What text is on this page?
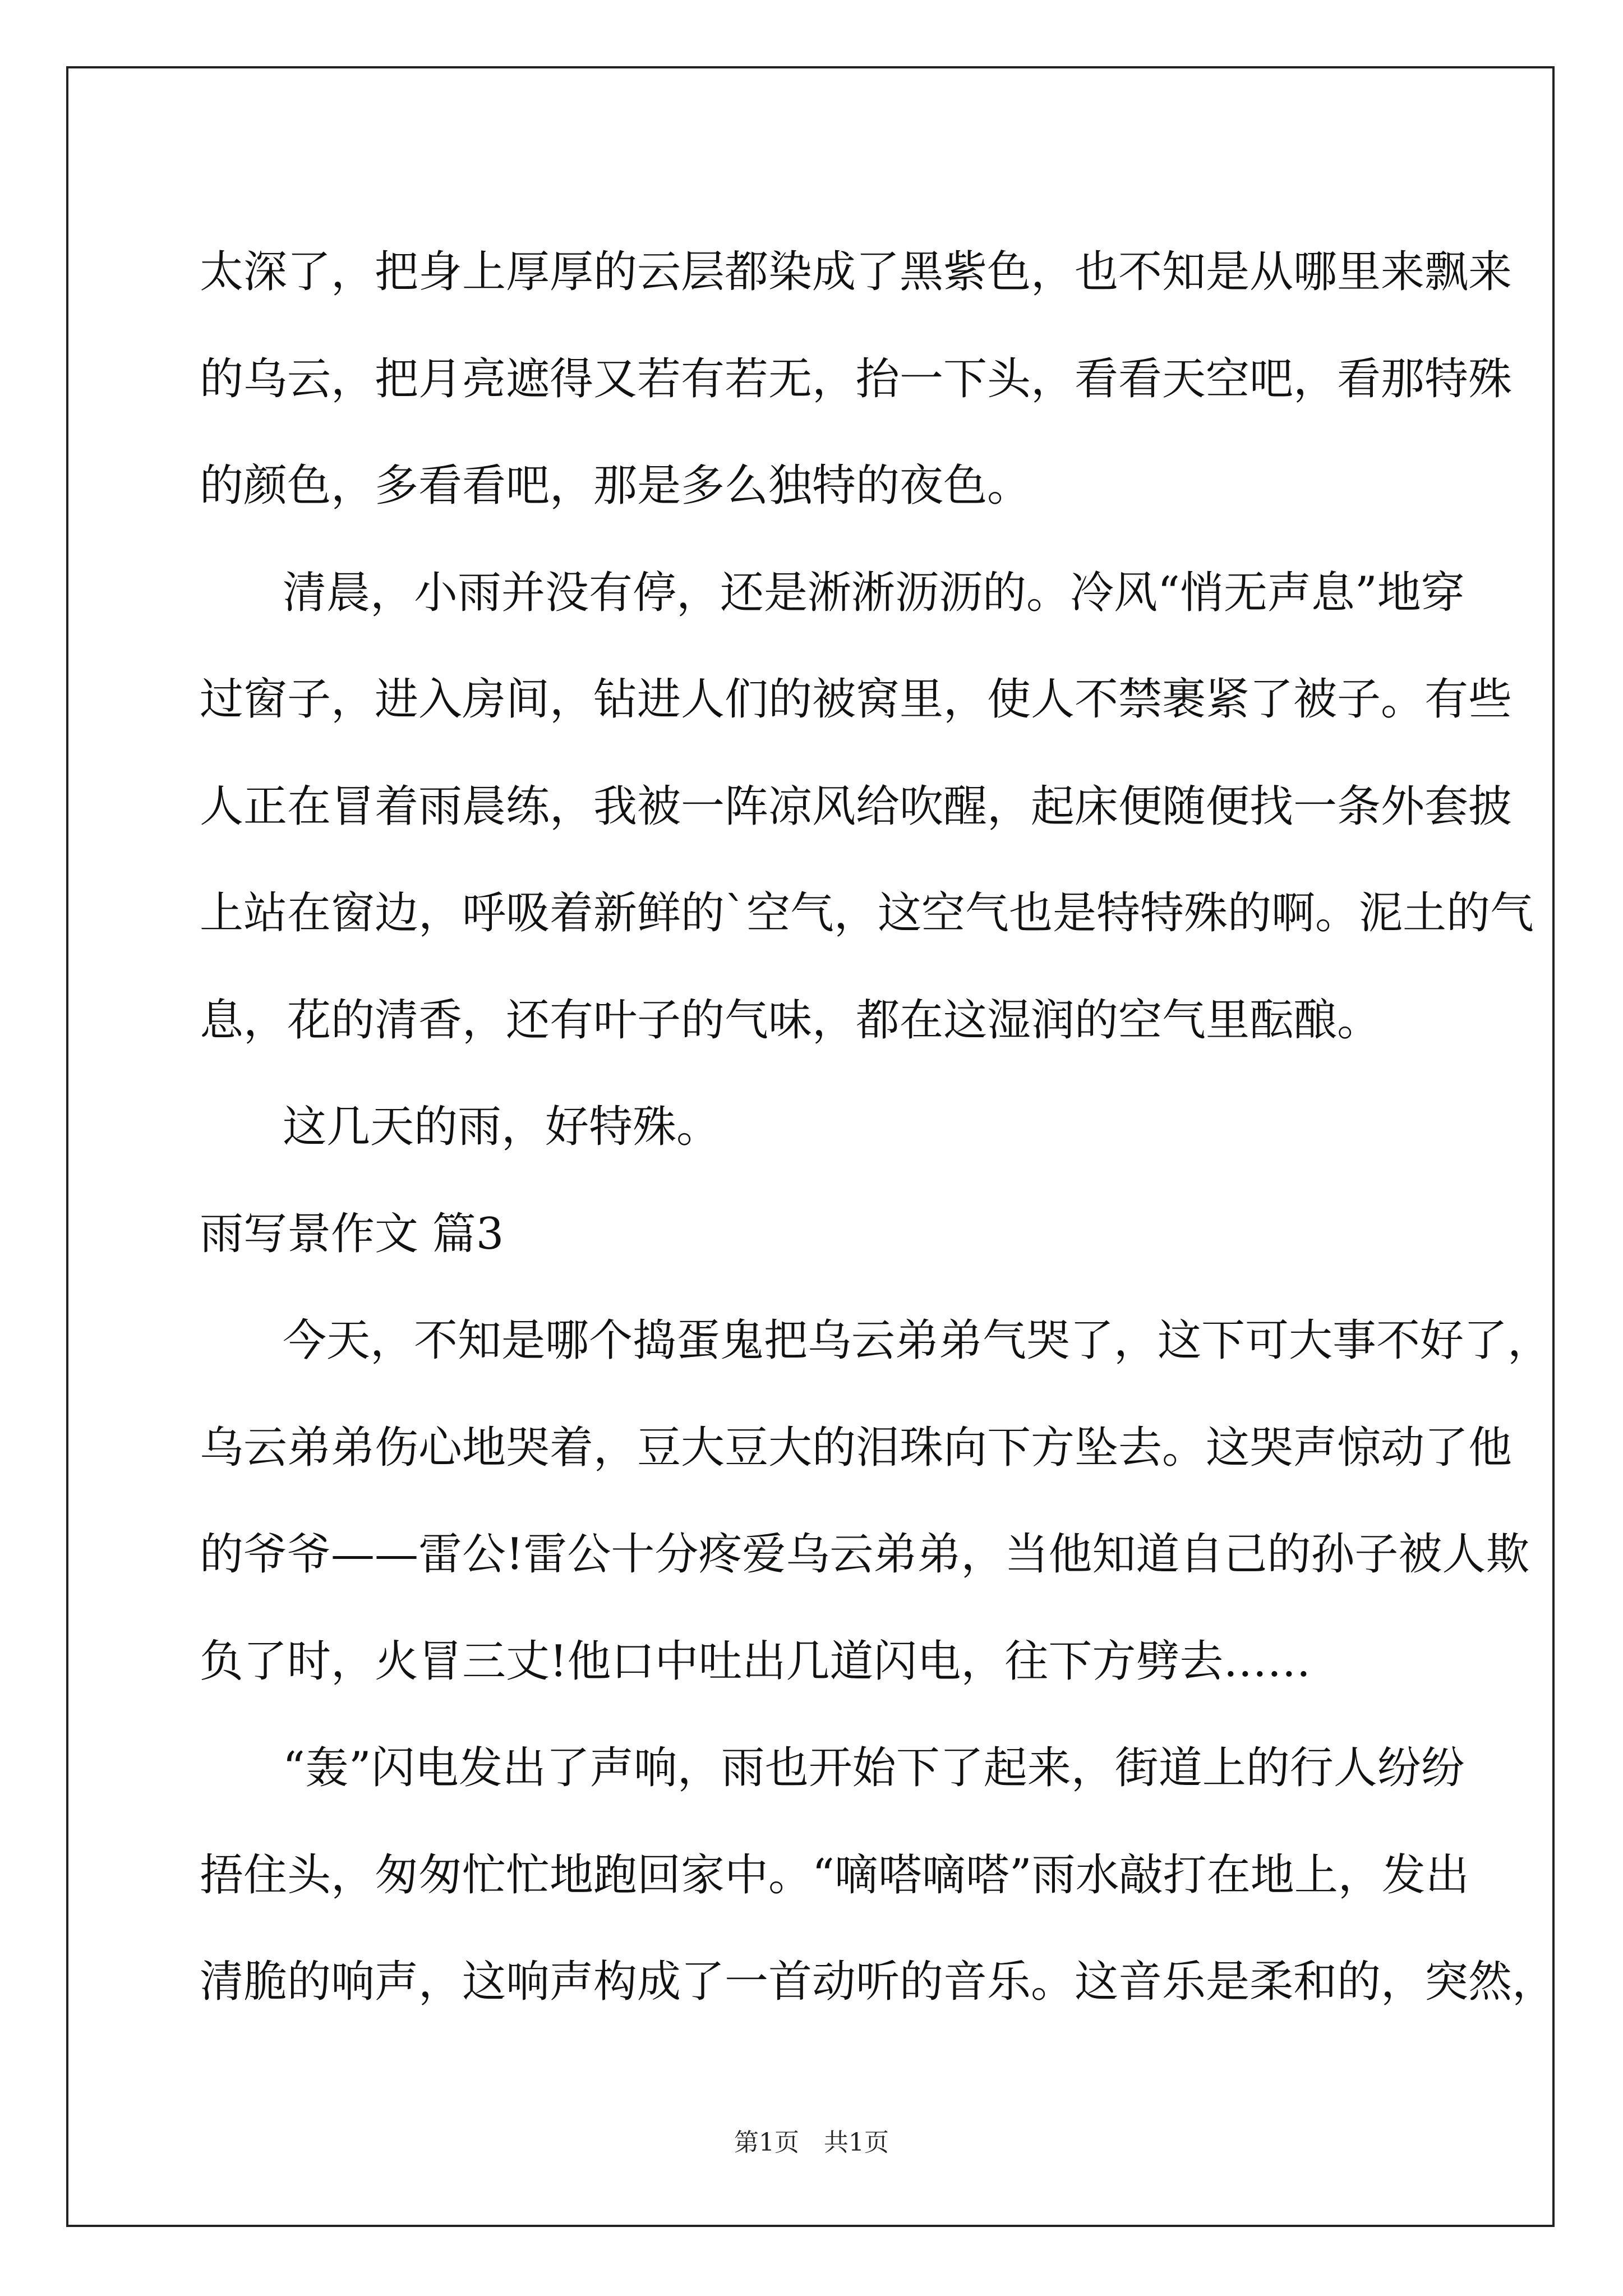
太深了，把身上厚厚的云层都染成了黑紫色，也不知是从哪里来飘来
的乌云，把月亮遮得又若有若无，抬一下头，看看天空吧，看那特殊
的颜色，多看看吧，那是多么独特的夜色。
清晨，小雨并没有停，还是淅淅沥沥的。冷风“悄无声息”地穿
过窗子，进入房间，钻进人们的被窝里，使人不禁裹紧了被子。有些
人正在冒着雨晨练，我被一阵凉风给吹醒，起床便随便找一条外套披
上站在窗边，呼吸着新鲜的`空气，这空气也是特特殊的啊。泥土的气
息，花的清香，还有叶子的气味，都在这湿润的空气里酝酿。
这几天的雨，好特殊。
雨写景作文 篇3
今天，不知是哪个捣蛋鬼把乌云弟弟气哭了，这下可大事不好了，
乌云弟弟伤心地哭着，豆大豆大的泪珠向下方坠去。这哭声惊动了他
的爷爷——雷公!雷公十分疼爱乌云弟弟，当他知道自己的孙子被人欺
负了时，火冒三丈!他口中吐出几道闪电，往下方劈去……
“轰”闪电发出了声响，雨也开始下了起来，街道上的行人纷纷
捂住头，匆匆忙忙地跑回家中。“嘀嗒嘀嗒”雨水敲打在地上，发出
清脆的响声，这响声构成了一首动听的音乐。这音乐是柔和的，突然，
第1页　共1页
